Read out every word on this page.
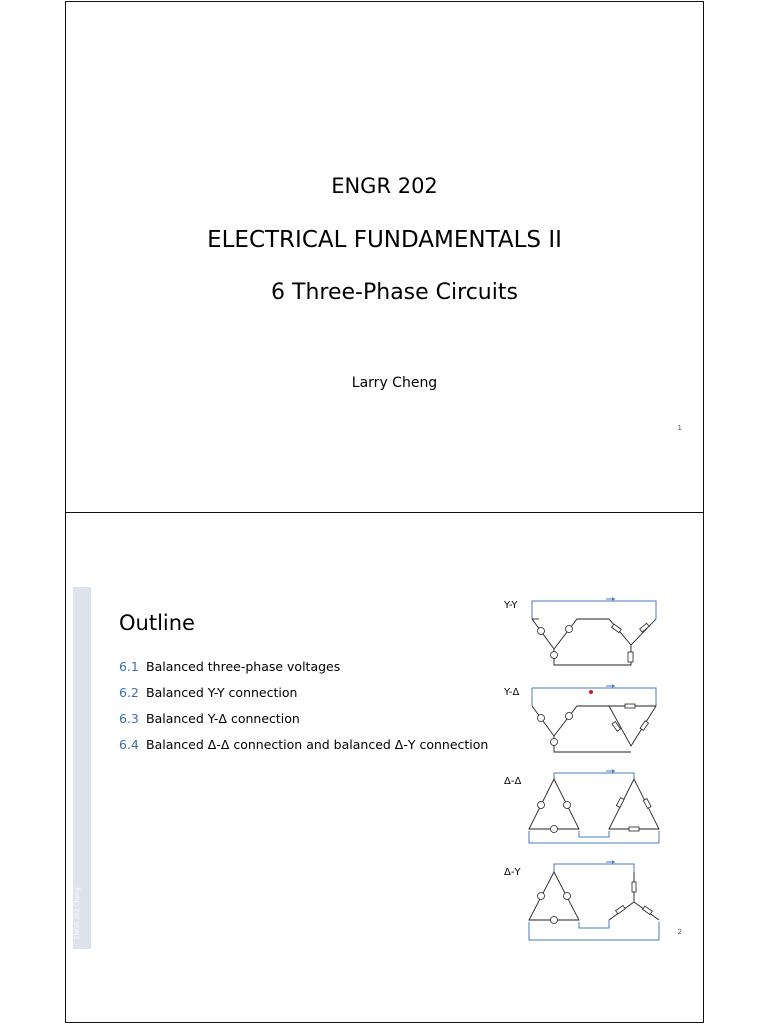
ENGR 202
ELECTRICAL FUNDAMENTALS II
6 Three-Phase Circuits
Larry Cheng
1
ENGR 202 Cheng
Outline
6.1 Balanced three-phase voltages
6.2 Balanced Y-Y connection
6.3 Balanced Y-Δ connection
6.4 Balanced Δ-Δ connection and balanced Δ-Y connection
Y-Y
Y-Δ
Δ-Δ
Δ-Y
2
